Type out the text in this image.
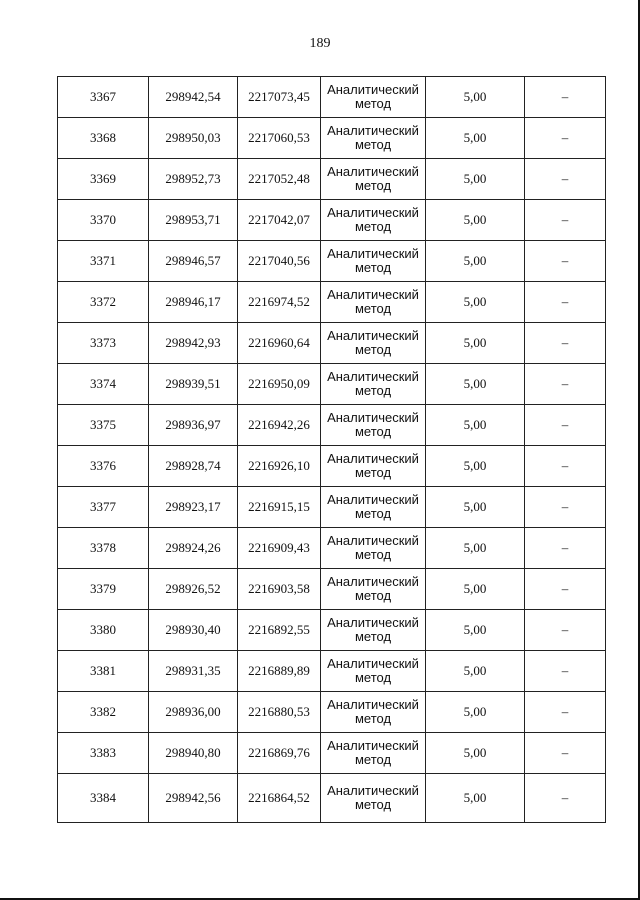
189
3367	298942,54	2217073,45	Аналитический метод	5,00	–
3368	298950,03	2217060,53	Аналитический метод	5,00	–
3369	298952,73	2217052,48	Аналитический метод	5,00	–
3370	298953,71	2217042,07	Аналитический метод	5,00	–
3371	298946,57	2217040,56	Аналитический метод	5,00	–
3372	298946,17	2216974,52	Аналитический метод	5,00	–
3373	298942,93	2216960,64	Аналитический метод	5,00	–
3374	298939,51	2216950,09	Аналитический метод	5,00	–
3375	298936,97	2216942,26	Аналитический метод	5,00	–
3376	298928,74	2216926,10	Аналитический метод	5,00	–
3377	298923,17	2216915,15	Аналитический метод	5,00	–
3378	298924,26	2216909,43	Аналитический метод	5,00	–
3379	298926,52	2216903,58	Аналитический метод	5,00	–
3380	298930,40	2216892,55	Аналитический метод	5,00	–
3381	298931,35	2216889,89	Аналитический метод	5,00	–
3382	298936,00	2216880,53	Аналитический метод	5,00	–
3383	298940,80	2216869,76	Аналитический метод	5,00	–
3384	298942,56	2216864,52	Аналитический метод	5,00	–
